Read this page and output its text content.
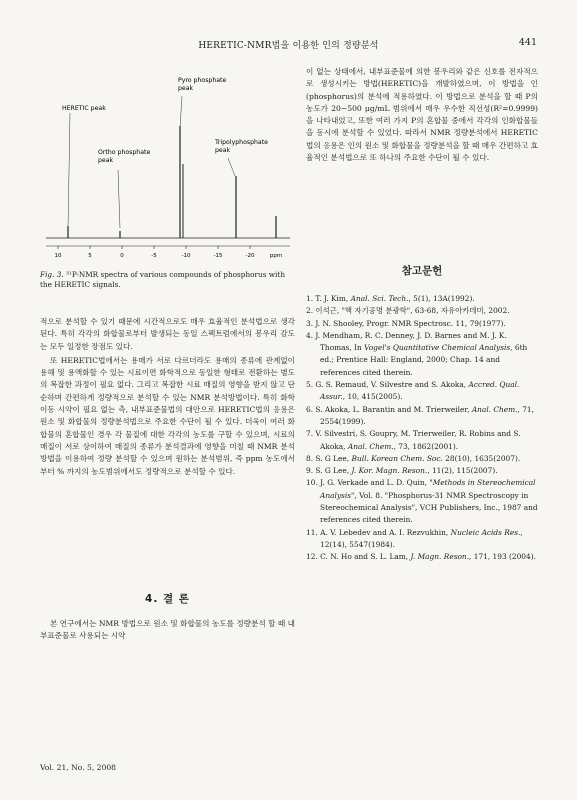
HERETIC-NMR법을 이용한 인의 정량분석	441
HERETIC peak
Ortho phosphate peak
Pyro phosphate peak
Tripolyphosphate peak
10	5	0	-5	-10	-15	-20	ppm
Fig. 3. ³¹P-NMR spectra of various compounds of phosphorus with the HERETIC signals.

적으로 분석할 수 있기 때문에 시간적으로도 매우 효율적인 분석법으로 생각된다. 특히 각각의 화합물로부터 발생되는 동일 스펙트럼에서의 봉우리 감도는 모두 일정한 장점도 있다.

또 HERETIC법에서는 용매가 서로 다르더라도 용매의 종류에 관계없이 용해 및 용액화할 수 있는 시료이면 화학적으로 동일한 형태로 전환하는 별도의 복잡한 과정이 필요 없다. 그리고 복잡한 시료 매질의 영향을 받지 않고 단순하며 간편하게 정량적으로 분석할 수 있는 NMR 분석방법이다. 특히 화학이동 시약이 필요 없는 측, 내부표준물법의 대안으로 HERETIC법의 응용은 원소 및 화합물의 정량분석법으로 주요한 수단이 될 수 있다. 더욱이 여러 화합물의 혼합물인 경우 각 물질에 대한 각각의 농도를 구할 수 있으며, 시료의 매질이 서로 상이하여 매질의 종류가 분석결과에 영향을 미칠 때 NMR 분석방법을 이용하여 정량 분석할 수 있으며 원하는 분석범위, 즉 ppm 농도에서부터 % 까지의 농도범위에서도 정량적으로 분석할 수 있다.

4. 결 론

본 연구에서는 NMR 방법으로 원소 및 화합물의 농도를 정량분석 할 때 내부표준물로 사용되는 시약

이 없는 상태에서, 내부표준물에 의한 봉우리와 같은 신호를 전자적으로 생성시키는 방법(HERETIC)을 개발하였으며, 이 방법을 인(phosphorus)의 분석에 적용하였다. 이 방법으로 분석을 할 때 P의 농도가 20~500 μg/mL 범위에서 매우 우수한 직선성(R²=0.9999)을 나타내었고, 또한 여러 가지 P의 혼합물 중에서 각각의 인화합물들을 동시에 분석할 수 있었다. 따라서 NMR 정량분석에서 HERETIC법의 응용은 인의 원소 및 화합물을 정량분석을 할 때 매우 간편하고 효율적인 분석법으로 또 하나의 주요한 수단이 될 수 있다.

참고문헌
1. T. J. Kim, Anal. Sci. Tech., 5(1), 13A(1992).
2. 이석근, "핵 자기공명 분광학", 63-68, 자유아카데미, 2002.
3. J. N. Shooley, Progr. NMR Spectrosc. 11, 79(1977).
4. J. Mendham, R. C. Denney, J. D. Barnes and M. J. K. Thomas, In Vogel's Quantitative Chemical Analysis, 6th ed.; Prentice Hall: England, 2000; Chap. 14 and references cited therein.
5. G. S. Remaud, V. Silvestre and S. Akoka, Accred. Qual. Assur., 10, 415(2005).
6. S. Akoka, L. Barantin and M. Trierweiler, Anal. Chem., 71, 2554(1999).
7. V. Silvestri, S. Goupry, M. Trierweiler, R. Robins and S. Akoka, Anal. Chem., 73, 1862(2001).
8. S. G Lee, Bull. Korean Chem. Soc. 28(10), 1635(2007).
9. S. G Lee, J. Kor. Magn. Reson., 11(2), 115(2007).
10. J. G. Verkade and L. D. Quin, "Methods in Stereochemical Analysis", Vol. 8. "Phosphorus-31 NMR Spectroscopy in Stereochemical Analysis", VCH Publishers, Inc., 1987 and references cited therein.
11. A. V. Lebedev and A. I. Rezvukhin, Nucleic Acids Res., 12(14), 5547(1984).
12. C. N. Ho and S. L. Lam, J. Magn. Reson., 171, 193 (2004).
Vol. 21, No. 5, 2008
